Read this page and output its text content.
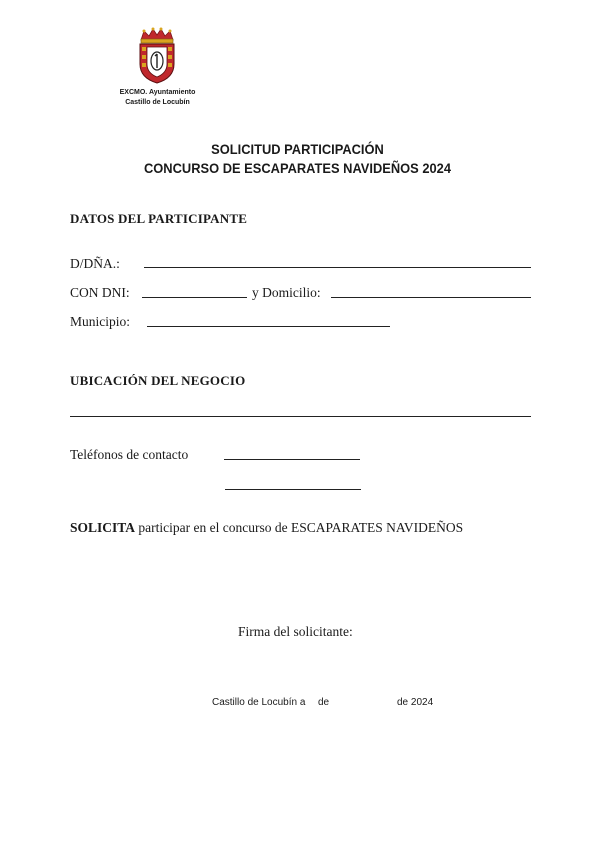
EXCMO. Ayuntamiento
Castillo de Locubín
SOLICITUD PARTICIPACIÓN
CONCURSO DE ESCAPARATES NAVIDEÑOS 2024
DATOS DEL PARTICIPANTE
D/DÑA.:
CON DNI:	y Domicilio:
Municipio:
UBICACIÓN DEL NEGOCIO
Teléfonos de contacto
SOLICITA participar en el concurso de ESCAPARATES NAVIDEÑOS
Firma del solicitante:
Castillo de Locubín a de	de 2024
